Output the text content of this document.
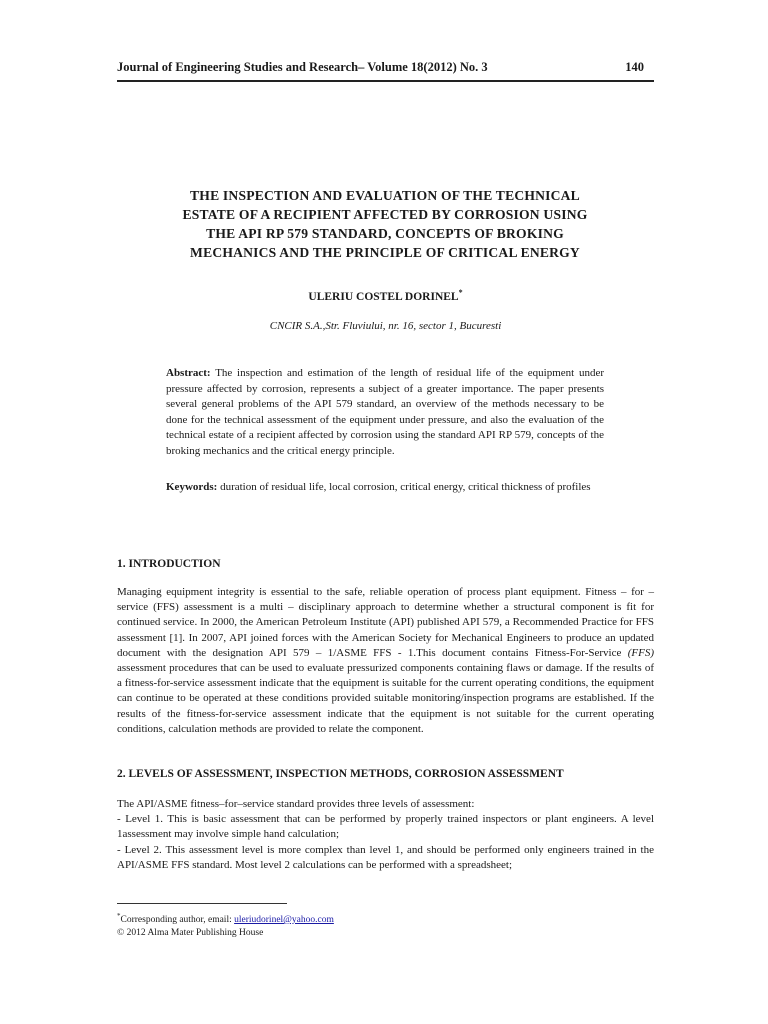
Journal of Engineering Studies and Research– Volume 18(2012) No. 3	140
THE INSPECTION AND EVALUATION OF THE TECHNICAL
ESTATE OF A RECIPIENT AFFECTED BY CORROSION USING
THE API RP 579 STANDARD, CONCEPTS OF BROKING
MECHANICS AND THE PRINCIPLE OF CRITICAL ENERGY
ULERIU COSTEL DORINEL*
CNCIR S.A.,Str. Fluviului, nr. 16, sector 1, Bucuresti
Abstract: The inspection and estimation of the length of residual life of the equipment under pressure affected by corrosion, represents a subject of a greater importance. The paper presents several general problems of the API 579 standard, an overview of the methods necessary to be done for the technical assessment of the equipment under pressure, and also the evaluation of the technical estate of a recipient affected by corrosion using the standard API RP 579, concepts of the broking mechanics and the critical energy principle.
Keywords: duration of residual life, local corrosion, critical energy, critical thickness of profiles
1. INTRODUCTION
Managing equipment integrity is essential to the safe, reliable operation of process plant equipment. Fitness – for – service (FFS) assessment is a multi – disciplinary approach to determine whether a structural component is fit for continued service. In 2000, the American Petroleum Institute (API) published API 579, a Recommended Practice for FFS assessment [1]. In 2007, API joined forces with the American Society for Mechanical Engineers to produce an updated document with the designation API 579 – 1/ASME FFS - 1.This document contains Fitness-For-Service (FFS) assessment procedures that can be used to evaluate pressurized components containing flaws or damage. If the results of a fitness-for-service assessment indicate that the equipment is suitable for the current operating conditions, the equipment can continue to be operated at these conditions provided suitable monitoring/inspection programs are established. If the results of the fitness-for-service assessment indicate that the equipment is not suitable for the current operating conditions, calculation methods are provided to relate the component.
2. LEVELS OF ASSESSMENT, INSPECTION METHODS, CORROSION ASSESSMENT

The API/ASME fitness–for–service standard provides three levels of assessment:

- Level 1. This is basic assessment that can be performed by properly trained inspectors or plant engineers. A level 1assessment may involve simple hand calculation;

- Level 2. This assessment level is more complex than level 1, and should be performed only engineers trained in the API/ASME FFS standard. Most level 2 calculations can be performed with a spreadsheet;

*Corresponding author, email: uleriudorinel@yahoo.com
© 2012 Alma Mater Publishing House
